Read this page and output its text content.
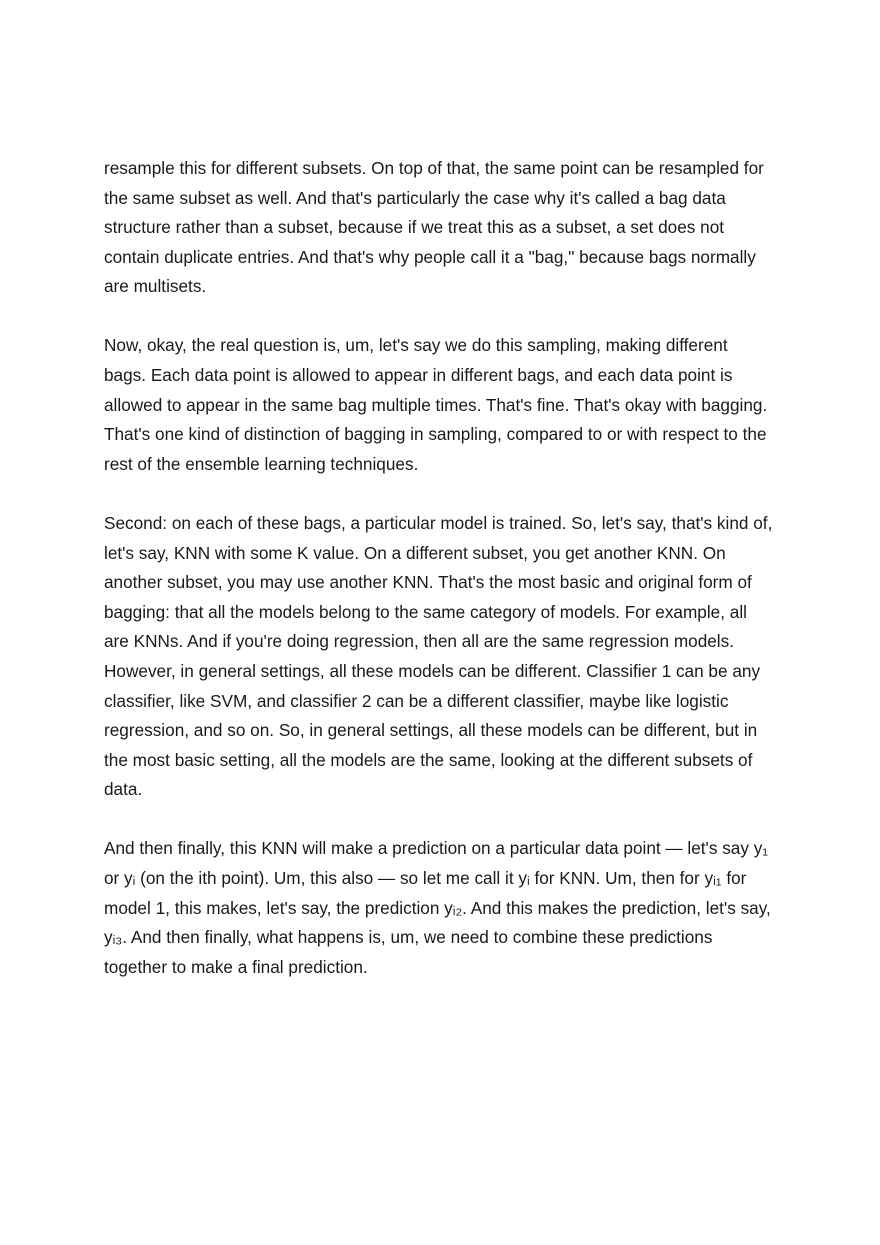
resample this for different subsets. On top of that, the same point can be resampled for
the same subset as well. And that's particularly the case why it's called a bag data
structure rather than a subset, because if we treat this as a subset, a set does not
contain duplicate entries. And that's why people call it a "bag," because bags normally
are multisets.

Now, okay, the real question is, um, let's say we do this sampling, making different
bags. Each data point is allowed to appear in different bags, and each data point is
allowed to appear in the same bag multiple times. That's fine. That's okay with bagging.
That's one kind of distinction of bagging in sampling, compared to or with respect to the
rest of the ensemble learning techniques.

Second: on each of these bags, a particular model is trained. So, let's say, that's kind of,
let's say, KNN with some K value. On a different subset, you get another KNN. On
another subset, you may use another KNN. That's the most basic and original form of
bagging: that all the models belong to the same category of models. For example, all
are KNNs. And if you're doing regression, then all are the same regression models.
However, in general settings, all these models can be different. Classifier 1 can be any
classifier, like SVM, and classifier 2 can be a different classifier, maybe like logistic
regression, and so on. So, in general settings, all these models can be different, but in
the most basic setting, all the models are the same, looking at the different subsets of
data.

And then finally, this KNN will make a prediction on a particular data point — let's say y₁
or yᵢ (on the ith point). Um, this also — so let me call it yᵢ for KNN. Um, then for yᵢ₁ for
model 1, this makes, let's say, the prediction yᵢ₂. And this makes the prediction, let's say,
yᵢ₃. And then finally, what happens is, um, we need to combine these predictions
together to make a final prediction.
